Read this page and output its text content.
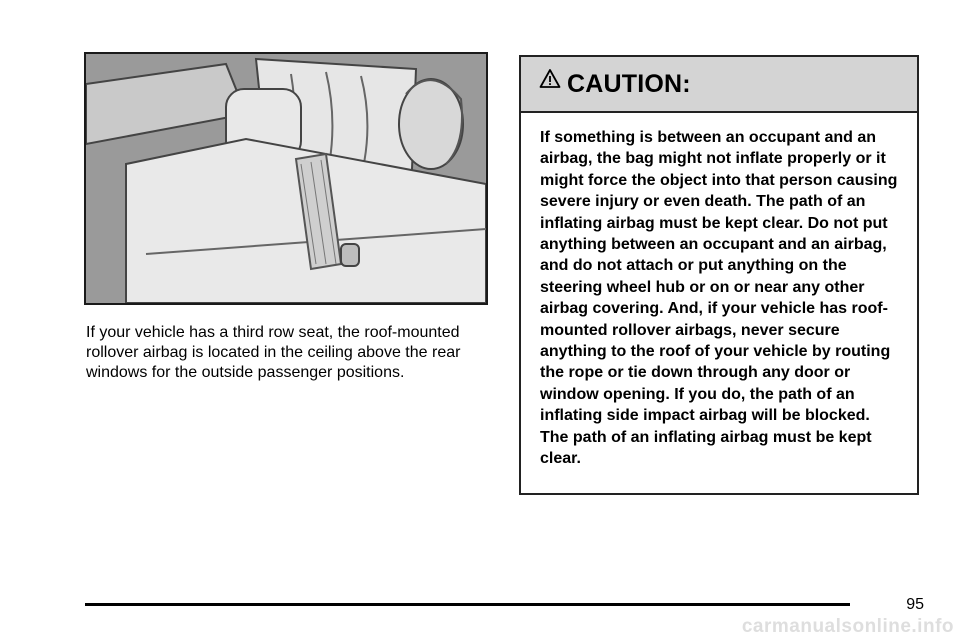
If your vehicle has a third row seat, the roof-mounted rollover airbag is located in the ceiling above the rear windows for the outside passenger positions.

CAUTION:

If something is between an occupant and an airbag, the bag might not inflate properly or it might force the object into that person causing severe injury or even death. The path of an inflating airbag must be kept clear. Do not put anything between an occupant and an airbag, and do not attach or put anything on the steering wheel hub or on or near any other airbag covering. And, if your vehicle has roof-mounted rollover airbags, never secure anything to the roof of your vehicle by routing the rope or tie down through any door or window opening. If you do, the path of an inflating side impact airbag will be blocked. The path of an inflating airbag must be kept clear.

95
carmanualsonline.info
